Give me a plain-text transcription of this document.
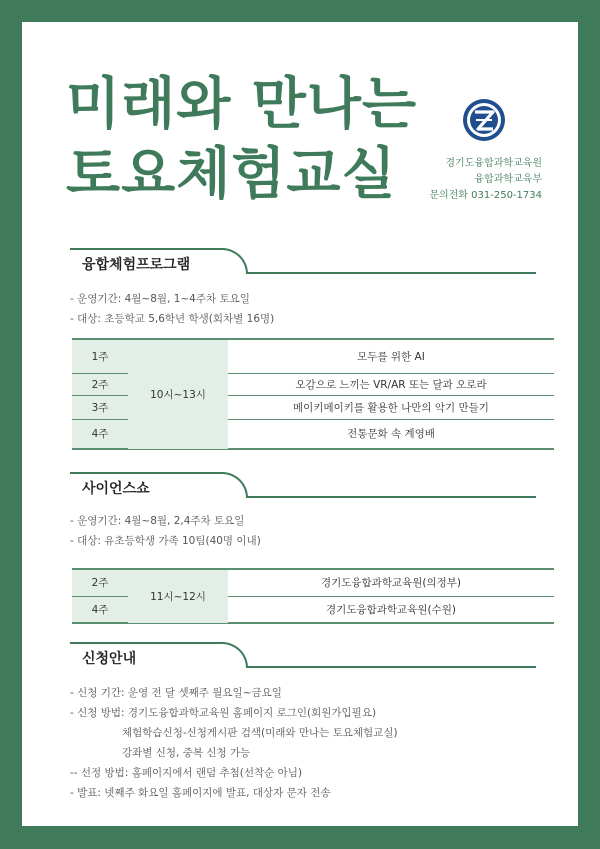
미래와 만나는
토요체험교실	경기도융합과학교육원
융합과학교육부
문의전화 031-250-1734
융합체험프로그램
- 운영기간: 4월~8월, 1~4주차 토요일
- 대상: 초등학교 5,6학년 학생(회차별 16명)
1주	10시~13시	모두를 위한 AI
2주		오감으로 느끼는 VR/AR 또는 달과 오로라
3주		메이키메이키를 활용한 나만의 악기 만들기
4주		전통문화 속 계영배
사이언스쇼
- 운영기간: 4월~8월, 2,4주차 토요일
- 대상: 유초등학생 가족 10팀(40명 이내)
2주	11시~12시	경기도융합과학교육원(의정부)
4주		경기도융합과학교육원(수원)
신청안내
- 신청 기간: 운영 전 달 셋째주 월요일~금요일
- 신청 방법: 경기도융합과학교육원 홈페이지 로그인(회원가입필요)
체험학습신청-신청게시판 검색(미래와 만나는 토요체험교실)
강좌별 신청, 중복 신청 가능
-- 선정 방법: 홈페이지에서 랜덤 추첨(선착순 아님)
- 발표: 넷째주 화요일 홈페이지에 발표, 대상자 문자 전송
